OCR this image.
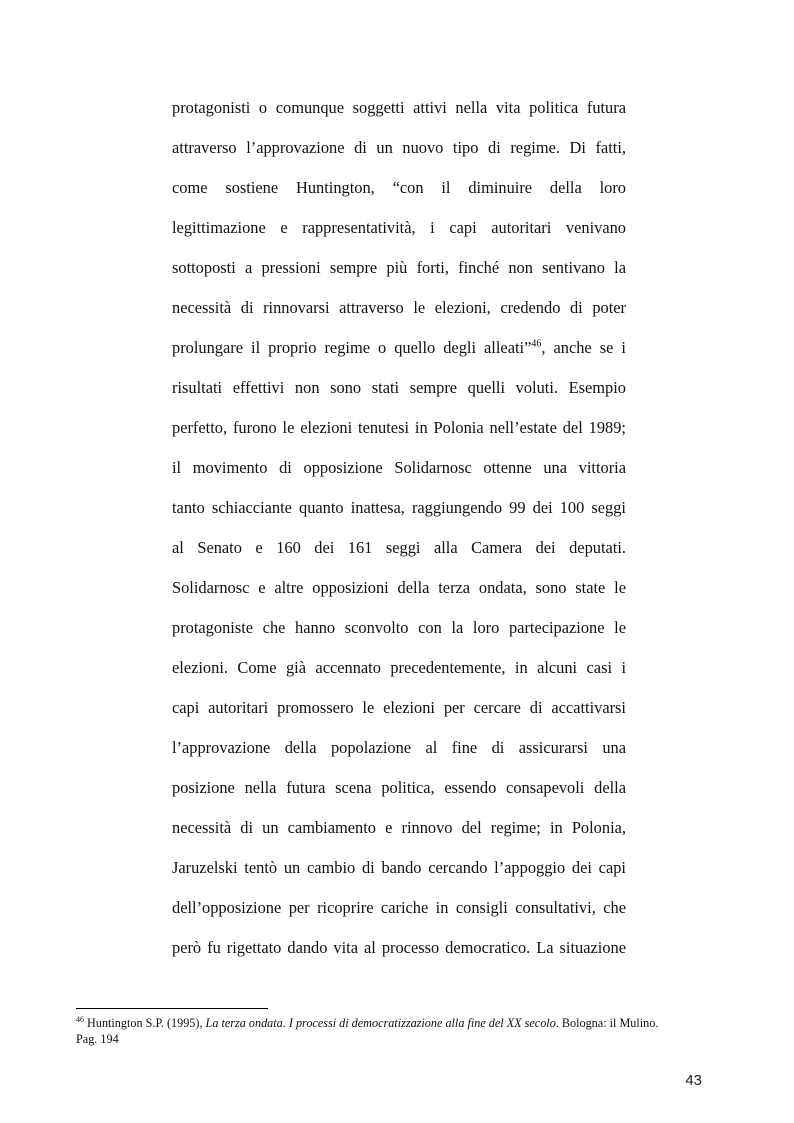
protagonisti o comunque soggetti attivi nella vita politica futura
attraverso l’approvazione di un nuovo tipo di regime. Di fatti,
come sostiene Huntington, “con il diminuire della loro
legittimazione e rappresentatività, i capi autoritari venivano
sottoposti a pressioni sempre più forti, finché non sentivano la
necessità di rinnovarsi attraverso le elezioni, credendo di poter
prolungare il proprio regime o quello degli alleati”$^{46}$, anche se i
risultati effettivi non sono stati sempre quelli voluti. Esempio
perfetto, furono le elezioni tenutesi in Polonia nell’estate del 1989;
il movimento di opposizione Solidarnosc ottenne una vittoria
tanto schiacciante quanto inattesa, raggiungendo 99 dei 100 seggi
al Senato e 160 dei 161 seggi alla Camera dei deputati.
Solidarnosc e altre opposizioni della terza ondata, sono state le
protagoniste che hanno sconvolto con la loro partecipazione le
elezioni. Come già accennato precedentemente, in alcuni casi i
capi autoritari promossero le elezioni per cercare di accattivarsi
l’approvazione della popolazione al fine di assicurarsi una
posizione nella futura scena politica, essendo consapevoli della
necessità di un cambiamento e rinnovo del regime; in Polonia,
Jaruzelski tentò un cambio di bando cercando l’appoggio dei capi
dell’opposizione per ricoprire cariche in consigli consultativi, che
però fu rigettato dando vita al processo democratico. La situazione
$^{46}$ Huntington S.P. (1995), La terza ondata. I processi di democratizzazione alla fine del XX secolo. Bologna: il Mulino.
Pag. 194
43
